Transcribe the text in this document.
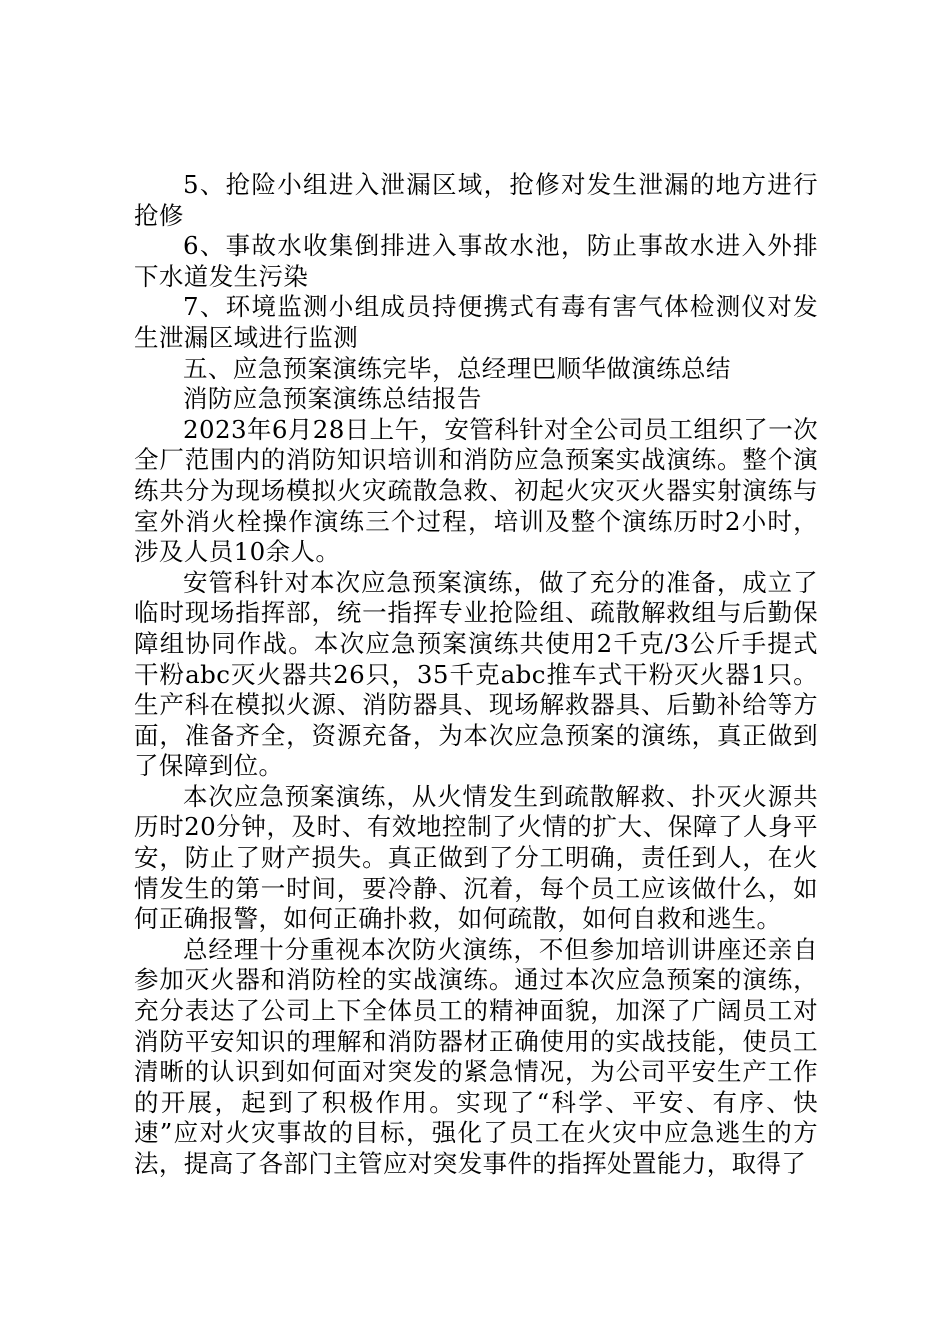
5、抢险小组进入泄漏区域，抢修对发生泄漏的地方进行抢修

6、事故水收集倒排进入事故水池，防止事故水进入外排下水道发生污染

7、环境监测小组成员持便携式有毒有害气体检测仪对发生泄漏区域进行监测

五、应急预案演练完毕，总经理巴顺华做演练总结

消防应急预案演练总结报告

2023年6月28日上午，安管科针对全公司员工组织了一次全厂范围内的消防知识培训和消防应急预案实战演练。整个演练共分为现场模拟火灾疏散急救、初起火灾灭火器实射演练与室外消火栓操作演练三个过程，培训及整个演练历时2小时，涉及人员10余人。

安管科针对本次应急预案演练，做了充分的准备，成立了临时现场指挥部，统一指挥专业抢险组、疏散解救组与后勤保障组协同作战。本次应急预案演练共使用2千克/3公斤手提式干粉abc灭火器共26只，35千克abc推车式干粉灭火器1只。生产科在模拟火源、消防器具、现场解救器具、后勤补给等方面，准备齐全，资源充备，为本次应急预案的演练，真正做到了保障到位。

本次应急预案演练，从火情发生到疏散解救、扑灭火源共历时20分钟，及时、有效地控制了火情的扩大、保障了人身平安，防止了财产损失。真正做到了分工明确，责任到人，在火情发生的第一时间，要冷静、沉着，每个员工应该做什么，如何正确报警，如何正确扑救，如何疏散，如何自救和逃生。

总经理十分重视本次防火演练，不但参加培训讲座还亲自参加灭火器和消防栓的实战演练。通过本次应急预案的演练，充分表达了公司上下全体员工的精神面貌，加深了广阔员工对消防平安知识的理解和消防器材正确使用的实战技能，使员工清晰的认识到如何面对突发的紧急情况，为公司平安生产工作的开展，起到了积极作用。实现了“科学、平安、有序、快速”应对火灾事故的目标，强化了员工在火灾中应急逃生的方法，提高了各部门主管应对突发事件的指挥处置能力，取得了
